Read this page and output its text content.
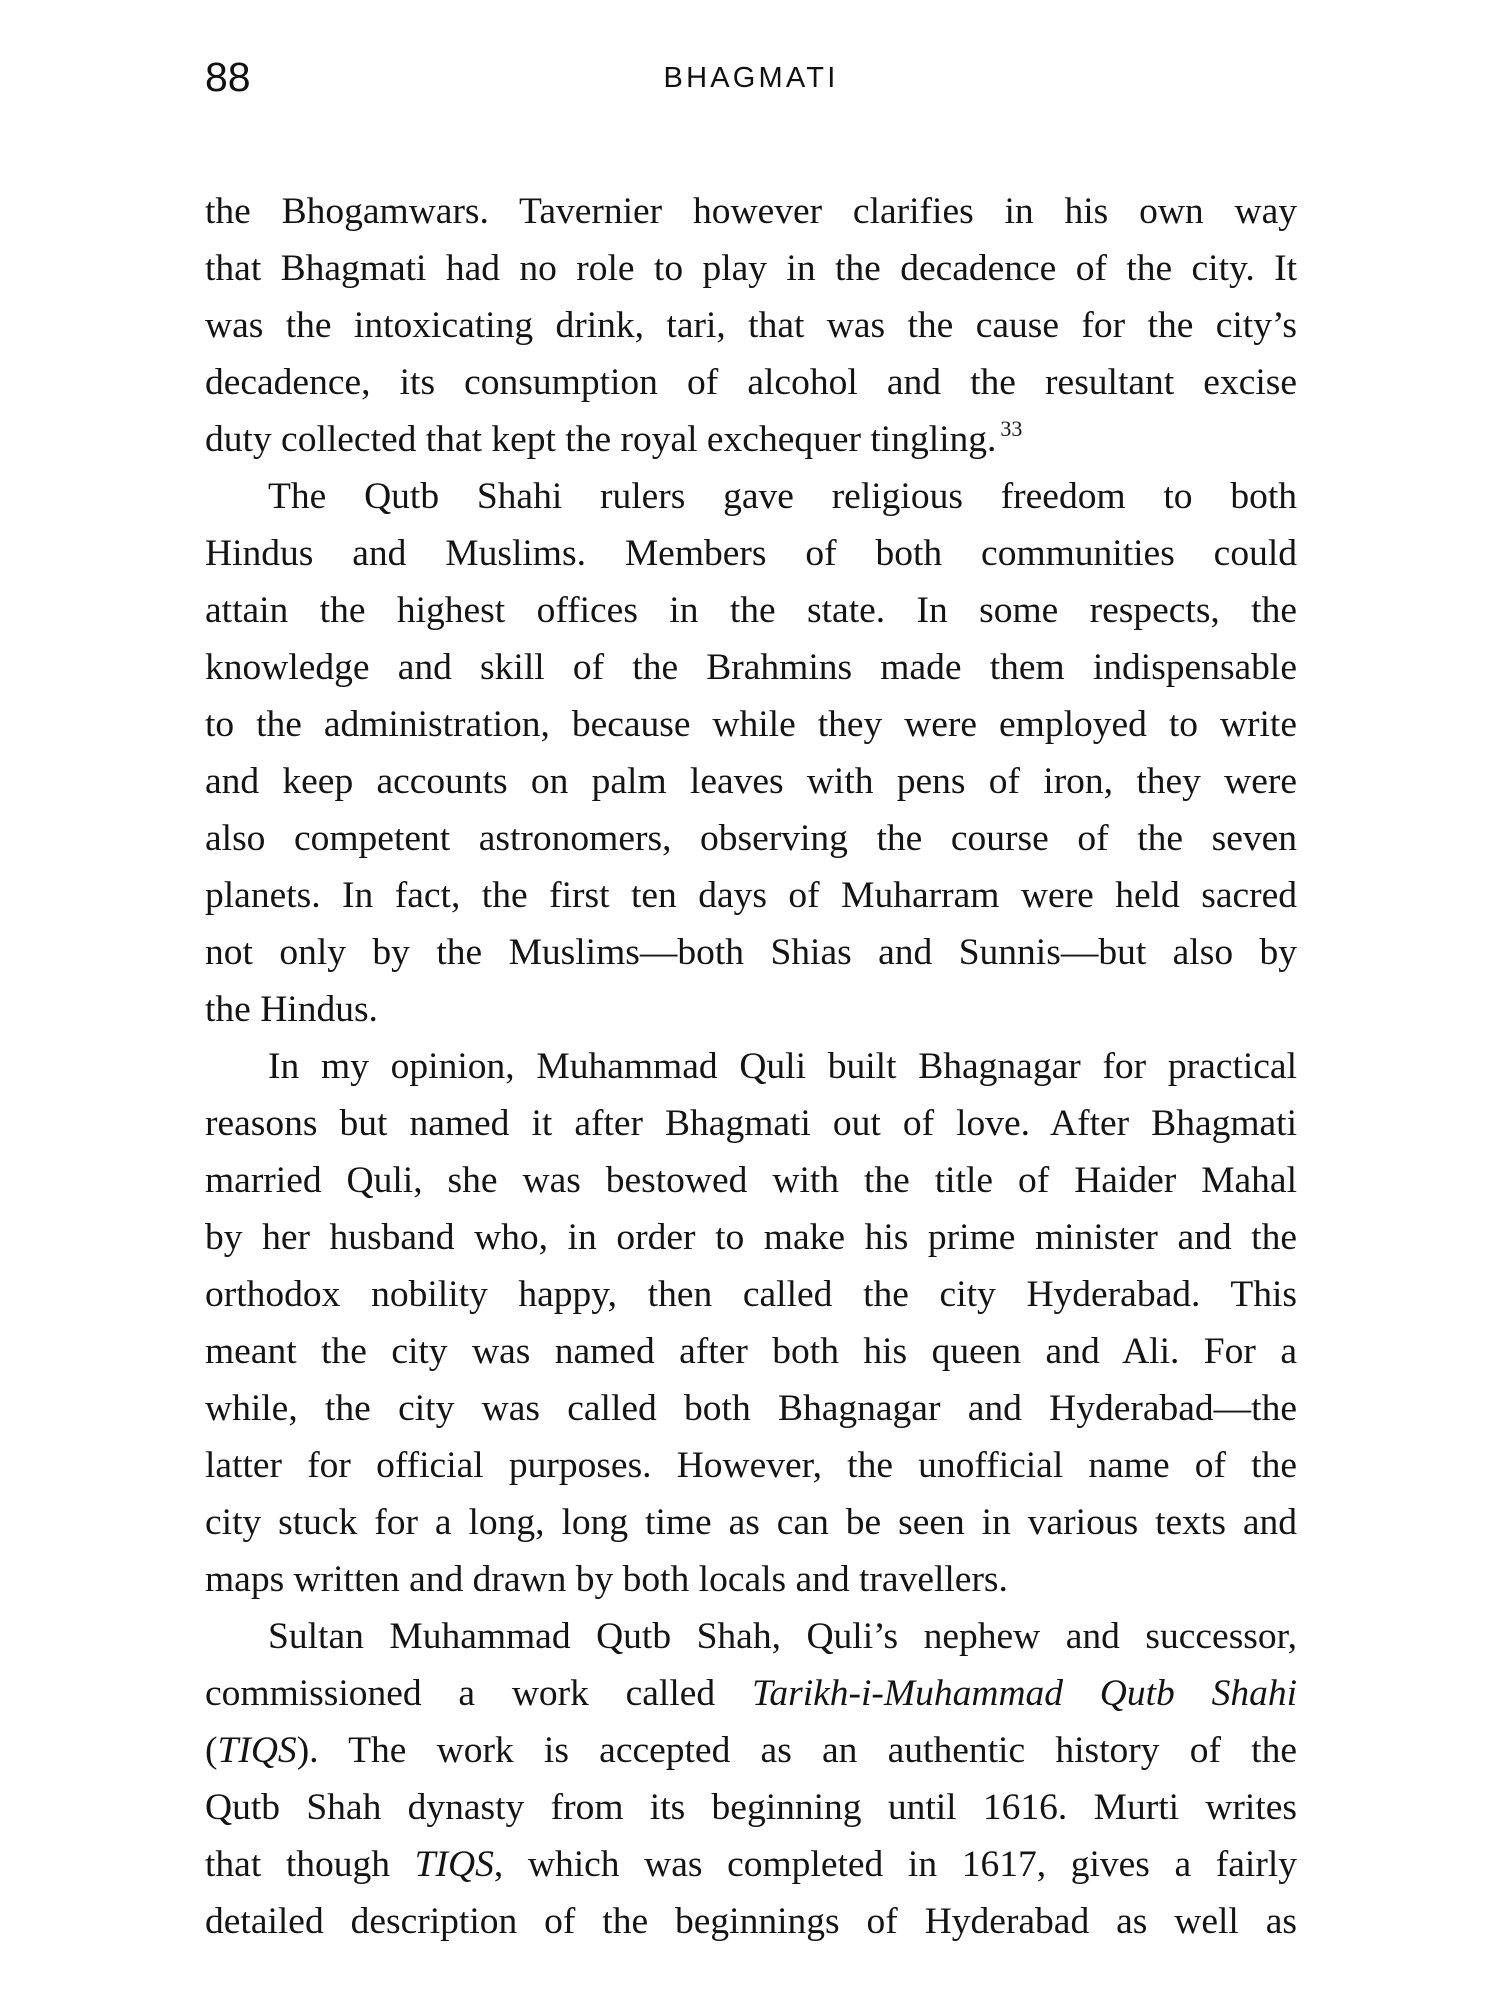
88	BHAGMATI
the Bhogamwars. Tavernier however clarifies in his own way
that Bhagmati had no role to play in the decadence of the city. It
was the intoxicating drink, tari, that was the cause for the city’s
decadence, its consumption of alcohol and the resultant excise
duty collected that kept the royal exchequer tingling. $^{33}$
The Qutb Shahi rulers gave religious freedom to both
Hindus and Muslims. Members of both communities could
attain the highest offices in the state. In some respects, the
knowledge and skill of the Brahmins made them indispensable
to the administration, because while they were employed to write
and keep accounts on palm leaves with pens of iron, they were
also competent astronomers, observing the course of the seven
planets. In fact, the first ten days of Muharram were held sacred
not only by the Muslims—both Shias and Sunnis—but also by
the Hindus.
In my opinion, Muhammad Quli built Bhagnagar for practical
reasons but named it after Bhagmati out of love. After Bhagmati
married Quli, she was bestowed with the title of Haider Mahal
by her husband who, in order to make his prime minister and the
orthodox nobility happy, then called the city Hyderabad. This
meant the city was named after both his queen and Ali. For a
while, the city was called both Bhagnagar and Hyderabad—the
latter for official purposes. However, the unofficial name of the
city stuck for a long, long time as can be seen in various texts and
maps written and drawn by both locals and travellers.
Sultan Muhammad Qutb Shah, Quli’s nephew and successor,
commissioned a work called Tarikh-i-Muhammad Qutb Shahi
(TIQS). The work is accepted as an authentic history of the
Qutb Shah dynasty from its beginning until 1616. Murti writes
that though TIQS, which was completed in 1617, gives a fairly
detailed description of the beginnings of Hyderabad as well as
